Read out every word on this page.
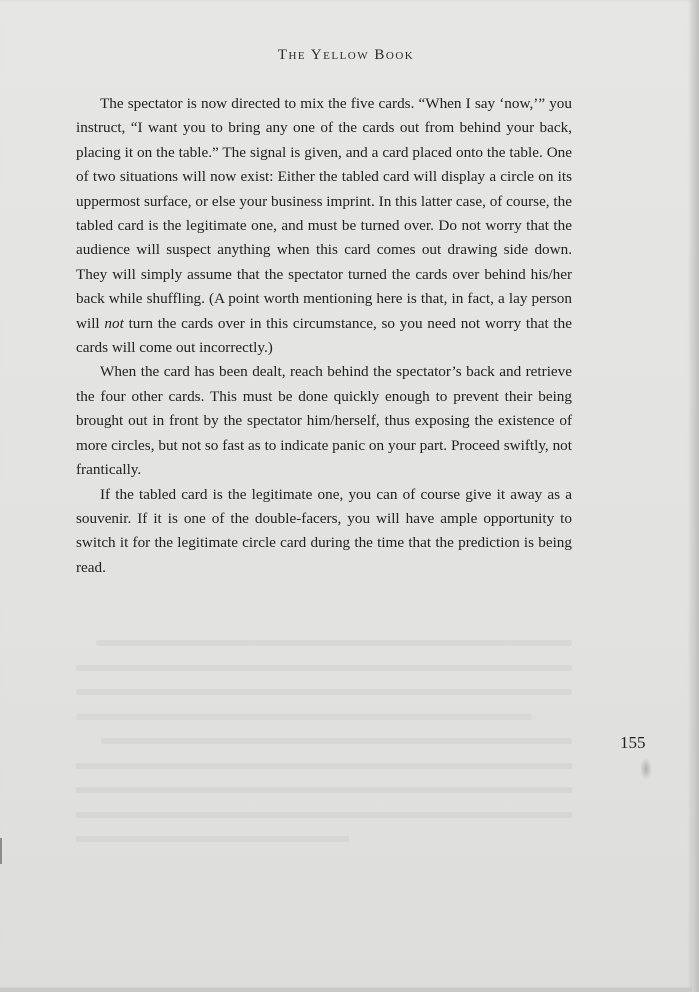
The Yellow Book

The spectator is now directed to mix the five cards. “When I say ‘now,’” you instruct, “I want you to bring any one of the cards out from behind your back, placing it on the table.” The signal is given, and a card placed onto the table. One of two situations will now exist: Either the tabled card will display a circle on its uppermost surface, or else your business imprint. In this latter case, of course, the tabled card is the legitimate one, and must be turned over. Do not worry that the audience will suspect anything when this card comes out drawing side down. They will simply assume that the spectator turned the cards over behind his/her back while shuffling. (A point worth mentioning here is that, in fact, a lay person will not turn the cards over in this circumstance, so you need not worry that the cards will come out incorrectly.)

When the card has been dealt, reach behind the spectator’s back and retrieve the four other cards. This must be done quickly enough to prevent their being brought out in front by the spectator him/herself, thus exposing the existence of more circles, but not so fast as to indicate panic on your part. Proceed swiftly, not frantically.

If the tabled card is the legitimate one, you can of course give it away as a souvenir. If it is one of the double-facers, you will have ample opportunity to switch it for the legitimate circle card during the time that the prediction is being read.

155
